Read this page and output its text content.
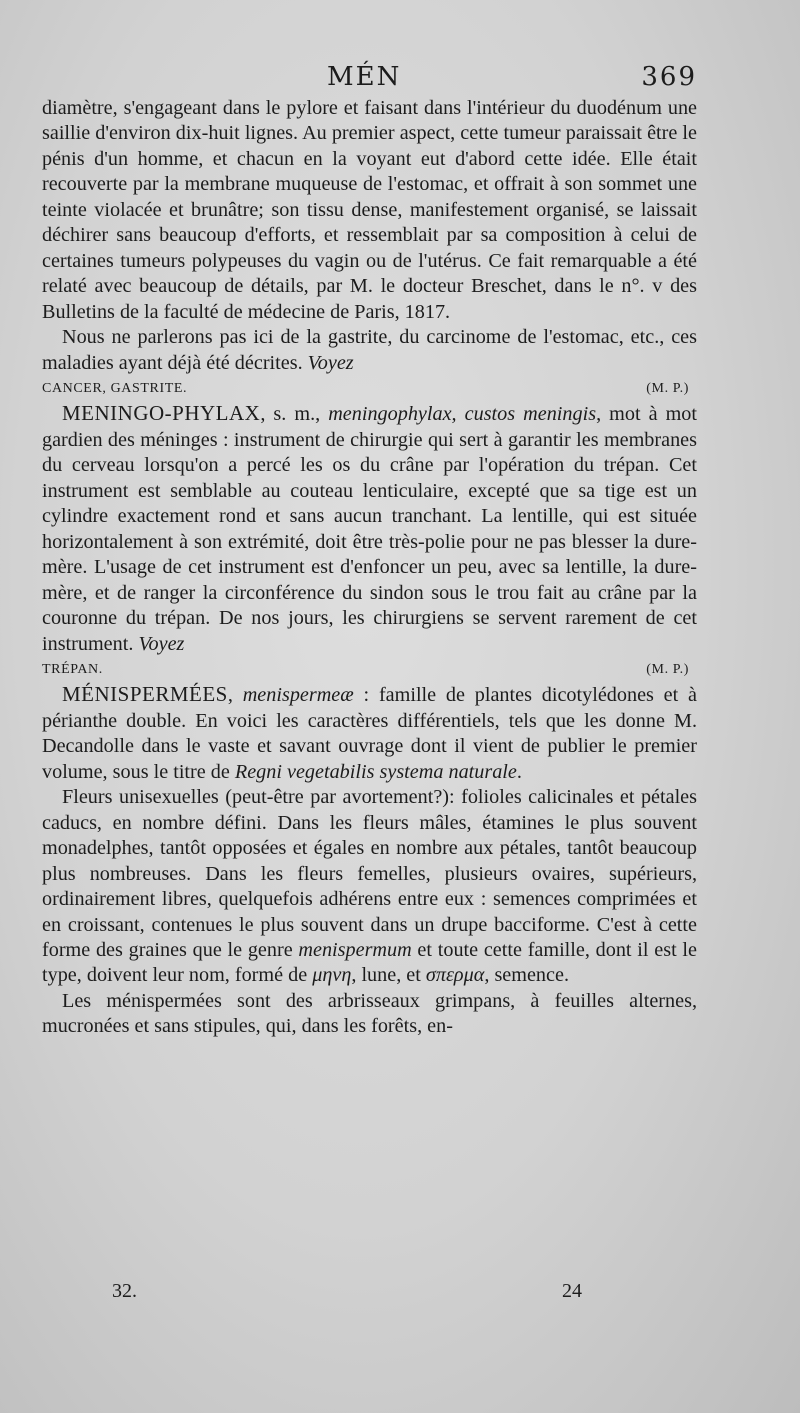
MÉN	369

diamètre, s'engageant dans le pylore et faisant dans l'intérieur du duodénum une saillie d'environ dix-huit lignes. Au premier aspect, cette tumeur paraissait être le pénis d'un homme, et chacun en la voyant eut d'abord cette idée. Elle était recouverte par la membrane muqueuse de l'estomac, et offrait à son sommet une teinte violacée et brunâtre; son tissu dense, manifestement organisé, se laissait déchirer sans beaucoup d'efforts, et ressemblait par sa composition à celui de certaines tumeurs polypeuses du vagin ou de l'utérus. Ce fait remarquable a été relaté avec beaucoup de détails, par M. le docteur Breschet, dans le n°. v des Bulletins de la faculté de médecine de Paris, 1817.

Nous ne parlerons pas ici de la gastrite, du carcinome de l'estomac, etc., ces maladies ayant déjà été décrites. Voyez

CANCER, GASTRITE.	(M. P.)

MENINGO-PHYLAX, s. m., meningophylax, custos meningis, mot à mot gardien des méninges : instrument de chirurgie qui sert à garantir les membranes du cerveau lorsqu'on a percé les os du crâne par l'opération du trépan. Cet instrument est semblable au couteau lenticulaire, excepté que sa tige est un cylindre exactement rond et sans aucun tranchant. La lentille, qui est située horizontalement à son extrémité, doit être très-polie pour ne pas blesser la dure-mère. L'usage de cet instrument est d'enfoncer un peu, avec sa lentille, la dure-mère, et de ranger la circonférence du sindon sous le trou fait au crâne par la couronne du trépan. De nos jours, les chirurgiens se servent rarement de cet instrument. Voyez

TRÉPAN.	(M. P.)

MÉNISPERMÉES, menispermeæ : famille de plantes dicotylédones et à périanthe double. En voici les caractères différentiels, tels que les donne M. Decandolle dans le vaste et savant ouvrage dont il vient de publier le premier volume, sous le titre de Regni vegetabilis systema naturale.

Fleurs unisexuelles (peut-être par avortement?): folioles calicinales et pétales caducs, en nombre défini. Dans les fleurs mâles, étamines le plus souvent monadelphes, tantôt opposées et égales en nombre aux pétales, tantôt beaucoup plus nombreuses. Dans les fleurs femelles, plusieurs ovaires, supérieurs, ordinairement libres, quelquefois adhérens entre eux : semences comprimées et en croissant, contenues le plus souvent dans un drupe bacciforme. C'est à cette forme des graines que le genre menispermum et toute cette famille, dont il est le type, doivent leur nom, formé de μηνη, lune, et σπερμα, semence.

Les ménispermées sont des arbrisseaux grimpans, à feuilles alternes, mucronées et sans stipules, qui, dans les forêts, en-

32.	24
